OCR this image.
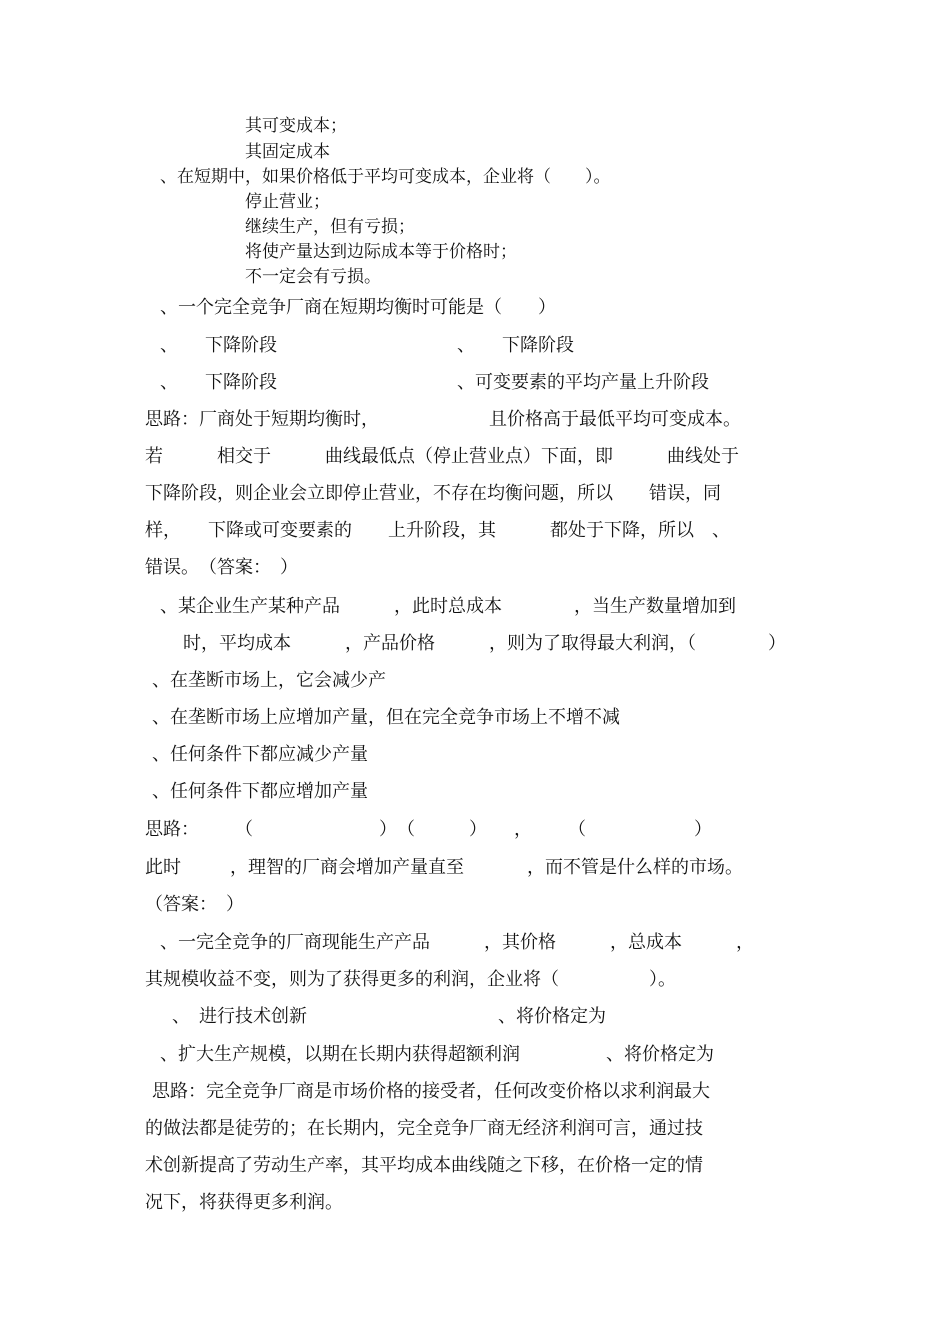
其可变成本；
其固定成本
、在短期中，如果价格低于平均可变成本，企业将（　　）。
停止营业；
继续生产，但有亏损；
将使产量达到边际成本等于价格时；
不一定会有亏损。
、一个完全竞争厂商在短期均衡时可能是（　　）
、　　下降阶段	、　　下降阶段
、　　下降阶段	、可变要素的平均产量上升阶段
思路：厂商处于短期均衡时，	且价格高于最低平均可变成本。
若　　　相交于　　　曲线最低点（停止营业点）下面，即　　　曲线处于
下降阶段，则企业会立即停止营业，不存在均衡问题，所以　　错误，同
样，　　下降或可变要素的　　上升阶段，其　　　都处于下降，所以　、
错误。　（答案：　）
、某企业生产某种产品　　　，此时总成本　　　　，当生产数量增加到
时，平均成本　　　，产品价格　　　，则为了取得最大利润，（　　　　）
、在垄断市场上，它会减少产
、在垄断市场上应增加产量，但在完全竞争市场上不增不减
、任何条件下都应减少产量
、任何条件下都应增加产量
思路：　　　（　　　　　　　）　（　　　）　　，　　　（　　　　　　）
此时	，理智的厂商会增加产量直至	，而不管是什么样的市场。
（答案：　）
、一完全竞争的厂商现能生产产品　　　，其价格　　　，总成本　　　，
其规模收益不变，则为了获得更多的利润，企业将（　　　　　）。
、　进行技术创新	、将价格定为
、扩大生产规模，以期在长期内获得超额利润	、将价格定为
思路：完全竞争厂商是市场价格的接受者，任何改变价格以求利润最大
的做法都是徒劳的；在长期内，完全竞争厂商无经济利润可言，通过技
术创新提高了劳动生产率，其平均成本曲线随之下移，在价格一定的情
况下，将获得更多利润。
